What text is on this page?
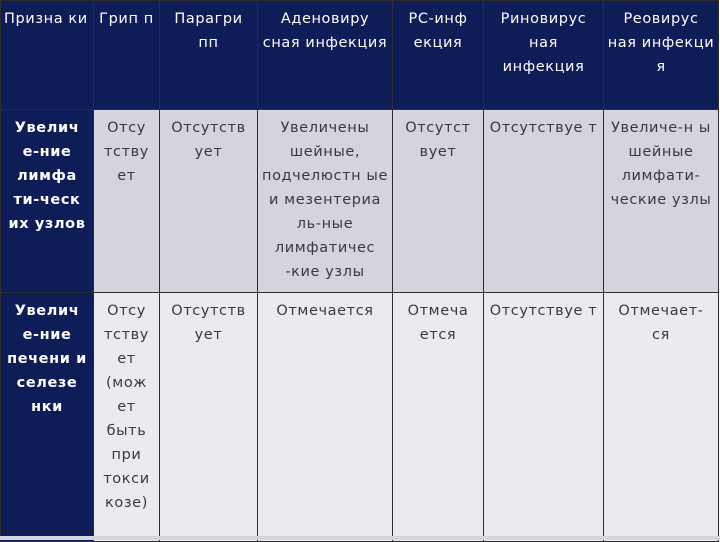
Призна ки	Грип п	Парагри пп	Аденовиру сная инфекция	РС-инф екция	Риновирус ная инфекция	Реовирус ная инфекци я
Увелич е-ние лимфа ти-ческ их узлов	Отсу тству ет	Отсутств ует	Увеличены шейные, подчелюстн ые и мезентериа ль-ные лимфатичес -кие узлы	Отсутст вует	Отсутствуе т	Увеличе-н ы шейные лимфати- ческие узлы
Увелич е-ние печени и селезе нки	Отсу тству ет (мож ет быть при токси козе)	Отсутств ует	Отмечается	Отмеча ется	Отсутствуе т	Отмечает- ся
